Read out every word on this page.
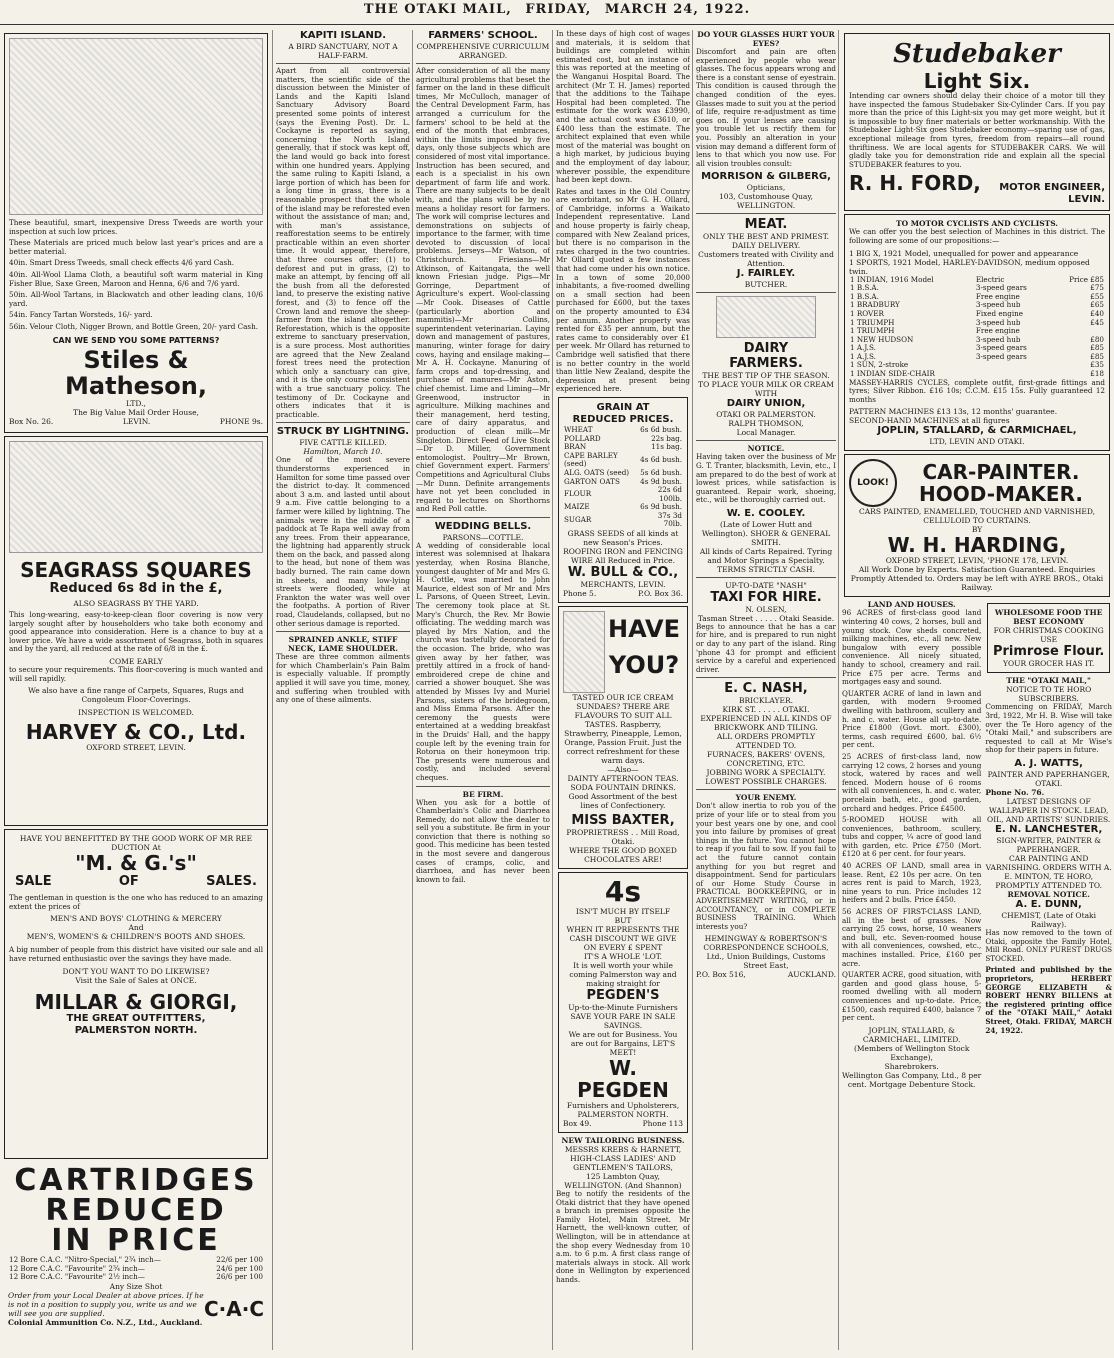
THE OTAKI MAIL, FRIDAY, MARCH 24, 1922.
These beautiful, smart, inexpensive Dress Tweeds are worth your inspection at such low prices.
These Materials are priced much below last year's prices and are a better material.
40in. Smart Dress Tweeds, small check effects 4/6 yard Cash.
40in. All-Wool Llama Cloth, a beautiful soft warm material in King Fisher Blue, Saxe Green, Maroon and Henna, 6/6 and 7/6 yard.
50in. All-Wool Tartans, in Blackwatch and other leading clans, 10/6 yard.
54in. Fancy Tartan Worsteds, 16/- yard.
56in. Velour Cloth, Nigger Brown, and Bottle Green, 20/- yard Cash.
CAN WE SEND YOU SOME PATTERNS?
Stiles & Matheson,
LTD.,
The Big Value Mail Order House,
Box No. 26.	LEVIN.	PHONE 9s.
SEAGRASS SQUARES
Reduced 6s 8d in the £,
ALSO SEAGRASS BY THE YARD.
This long-wearing, easy-to-keep-clean floor covering is now very largely sought after by householders who take both economy and good appearance into consideration. Here is a chance to buy at a lower price. We have a wide assortment of Seagrass, both in squares and by the yard, all reduced at the rate of 6/8 in the £.
COME EARLY
to secure your requirements. This floor-covering is much wanted and will sell rapidly.
We also have a fine range of Carpets, Squares, Rugs and Congoleum Floor-Coverings.
INSPECTION IS WELCOMED.
HARVEY & CO., Ltd.
OXFORD STREET, LEVIN.
HAVE YOU BENEFITTED BY THE GOOD WORK OF MR REE DUCTION At
"M. & G.'s"
SALE	OF	SALES.
The gentleman in question is the one who has reduced to an amazing extent the prices of
MEN'S AND BOYS' CLOTHING & MERCERY
And
MEN'S, WOMEN'S & CHILDREN'S BOOTS AND SHOES.
A big number of people from this district have visited our sale and all have returned enthusiastic over the savings they have made.
DON'T YOU WANT TO DO LIKEWISE?
Visit the Sale of Sales at ONCE.
MILLAR & GIORGI,
THE GREAT OUTFITTERS,
PALMERSTON NORTH.
CARTRIDGES
REDUCED
IN PRICE
12 Bore C.A.C. "Nitro-Special," 2¾ inch—	22/6 per 100
12 Bore C.A.C. "Favourite" 2¾ inch—	24/6 per 100
12 Bore C.A.C. "Favourite" 2½ inch—	26/6 per 100
Any Size Shot
Order from your Local Dealer at above prices. If he is not in a position to supply you, write us and we will see you are supplied.
Colonial Ammunition Co. N.Z., Ltd., Auckland.
C·A·C
KAPITI ISLAND.
A BIRD SANCTUARY, NOT A HALF-FARM.
Apart from all controversial matters, the scientific side of the discussion between the Minister of Lands and the Kapiti Island Sanctuary Advisory Board presented some points of interest (says the Evening Post). Dr. L. Cockayne is reported as saying, concerning the North Island generally, that if stock was kept off, the land would go back into forest within one hundred years. Applying the same ruling to Kapiti Island, a large portion of which has been for a long time in grass, there is a reasonable prospect that the whole of the island may be reforested even without the assistance of man; and, with man's assistance, reafforestation seems to be entirely practicable within an even shorter time. It would appear, therefore, that three courses offer: (1) to deforest and put in grass, (2) to make an attempt, by fencing off all the bush from all the deforested land, to preserve the existing native forest, and (3) to fence off the Crown land and remove the sheep-farmer from the island altogether. Reforestation, which is the opposite extreme to sanctuary preservation, is a sure process. Most authorities are agreed that the New Zealand forest trees need the protection which only a sanctuary can give, and it is the only course consistent with a true sanctuary policy. The testimony of Dr. Cockayne and others indicates that it is practicable.
STRUCK BY LIGHTNING.
FIVE CATTLE KILLED.
Hamilton, March 10.
One of the most severe thunderstorms experienced in Hamilton for some time passed over the district to-day. It commenced about 3 a.m. and lasted until about 9 a.m. Five cattle belonging to a farmer were killed by lightning. The animals were in the middle of a paddock at Te Rapa well away from any trees. From their appearance, the lightning had apparently struck them on the back, and passed along to the head, but none of them was badly burned. The rain came down in sheets, and many low-lying streets were flooded, while at Frankton the water was well over the footpaths. A portion of River road, Claudelands, collapsed, but no other serious damage is reported.
SPRAINED ANKLE, STIFF NECK, LAME SHOULDER.
These are three common ailments for which Chamberlain's Pain Balm is especially valuable. If promptly applied it will save you time, money, and suffering when troubled with any one of these ailments.
FARMERS' SCHOOL.
COMPREHENSIVE CURRICULUM ARRANGED.
After consideration of all the many agricultural problems that beset the farmer on the land in these difficult times, Mr McCulloch, manager of the Central Development Farm, has arranged a curriculum for the farmers' school to be held at the end of the month that embraces, within the limits imposed by five days, only those subjects which are considered of most vital importance. Instruction has been secured, and each is a specialist in his own department of farm life and work. There are many subjects to be dealt with, and the plans will be by no means a holiday resort for farmers. The work will comprise lectures and demonstrations on subjects of importance to the farmer, with time devoted to discussion of local problems. Jerseys—Mr Watson, of Christchurch. Friesians—Mr Atkinson, of Kaitangata, the well known Friesian judge. Pigs—Mr Gorringe, Department of Agriculture's expert. Wool-classing—Mr Cook. Diseases of Cattle (particularly abortion and mammitis)—Mr Collins, superintendent veterinarian. Laying down and management of pastures, manuring, winter forage for dairy cows, haying and ensilage making—Mr A. H. Cockayne. Manuring of farm crops and top-dressing, and purchase of manures—Mr Aston, chief chemist. Lime and Liming—Mr Greenwood, instructor in agriculture. Milking machines and their management, herd testing, care of dairy apparatus, and production of clean milk—Mr Singleton. Direct Feed of Live Stock—Dr D. Miller, Government entomologist. Poultry—Mr Brown, chief Government expert. Farmers' Competitions and Agricultural Clubs—Mr Dunn. Definite arrangements have not yet been concluded in regard to lectures on Shorthorns and Red Poll cattle.
WEDDING BELLS.
PARSONS—COTTLE.
A wedding of considerable local interest was solemnised at Ihakara yesterday, when Rosina Blanche, youngest daughter of Mr and Mrs G. H. Cottle, was married to John Maurice, eldest son of Mr and Mrs L. Parsons, of Queen Street, Levin. The ceremony took place at St. Mary's Church, the Rev. Mr Bowie officiating. The wedding march was played by Mrs Nation, and the church was tastefully decorated for the occasion. The bride, who was given away by her father, was prettily attired in a frock of hand-embroidered crepe de chine and carried a shower bouquet. She was attended by Misses Ivy and Muriel Parsons, sisters of the bridegroom, and Miss Emma Parsons. After the ceremony the guests were entertained at a wedding breakfast in the Druids' Hall, and the happy couple left by the evening train for Rotorua on their honeymoon trip. The presents were numerous and costly, and included several cheques.
BE FIRM.
When you ask for a bottle of Chamberlain's Colic and Diarrhoea Remedy, do not allow the dealer to sell you a substitute. Be firm in your conviction that there is nothing so good. This medicine has been tested in the most severe and dangerous cases of cramps, colic, and diarrhoea, and has never been known to fail.
In these days of high cost of wages and materials, it is seldom that buildings are completed within estimated cost, but an instance of this was reported at the meeting of the Wanganui Hospital Board. The architect (Mr T. H. James) reported that the additions to the Taihape Hospital had been completed. The estimate for the work was £3990, and the actual cost was £3610, or £400 less than the estimate. The architect explained that even while most of the material was bought on a high market, by judicious buying and the employment of day labour, wherever possible, the expenditure had been kept down.
Rates and taxes in the Old Country are exorbitant, so Mr G. H. Ollard, of Cambridge, informs a Waikato Independent representative. Land and house property is fairly cheap, compared with New Zealand prices, but there is no comparison in the rates charged in the two countries. Mr Ollard quoted a few instances that had come under his own notice. In a town of some 20,000 inhabitants, a five-roomed dwelling on a small section had been purchased for £600, but the taxes on the property amounted to £34 per annum. Another property was rented for £35 per annum, but the rates came to considerably over £1 per week. Mr Ollard has returned to Cambridge well satisfied that there is no better country in the world than little New Zealand, despite the depression at present being experienced here.
GRAIN AT
REDUCED PRICES.
WHEAT	6s 6d bush.
POLLARD	22s bag.
BRAN	11s bag.
CAPE BARLEY (seed)	4s 6d bush.
ALG. OATS (seed)	5s 6d bush.
GARTON OATS	4s 9d bush.
FLOUR	22s 6d 100lb.
MAIZE	6s 9d bush.
SUGAR	37s 3d 70lb.
GRASS SEEDS of all kinds at new Season's Prices.
ROOFING IRON and FENCING WIRE All Reduced in Price.
W. BULL & CO.,
MERCHANTS, LEVIN.
Phone 5.	P.O. Box 36.
HAVE
YOU?
TASTED OUR ICE CREAM SUNDAES? THERE ARE FLAVOURS TO SUIT ALL TASTES. Raspberry, Strawberry, Pineapple, Lemon, Orange, Passion Fruit. Just the correct refreshment for these warm days.
—Also—
DAINTY AFTERNOON TEAS. SODA FOUNTAIN DRINKS. Good Assortment of the best lines of Confectionery.
MISS BAXTER,
PROPRIETRESS . . Mill Road, Otaki.
WHERE THE GOOD BOXED CHOCOLATES ARE!
4s
ISN'T MUCH BY ITSELF
BUT
WHEN IT REPRESENTS THE CASH DISCOUNT WE GIVE ON EVERY £ SPENT
IT'S A WHOLE 'LOT.
It is well worth your while coming Palmerston way and making straight for
PEGDEN'S
Up-to-the-Minute Furnishers
SAVE YOUR FARE IN SALE SAVINGS.
We are out for Business. You are out for Bargains, LET'S MEET!
W. PEGDEN
Furnishers and Upholsterers, PALMERSTON NORTH.
Box 49.	Phone 113
NEW TAILORING BUSINESS.
MESSRS KREBS & HARNETT,
HIGH-CLASS LADIES' AND GENTLEMEN'S TAILORS,
125 Lambton Quay, WELLINGTON. (And Shannon)
Beg to notify the residents of the Otaki district that they have opened a branch in premises opposite the Family Hotel, Main Street. Mr Harnett, the well-known cutter, of Wellington, will be in attendance at the shop every Wednesday from 10 a.m. to 6 p.m. A first class range of materials always in stock. All work done in Wellington by experienced hands.
DO YOUR GLASSES HURT YOUR EYES?
Discomfort and pain are often experienced by people who wear glasses. The focus appears wrong and there is a constant sense of eyestrain. This condition is caused through the changed condition of the eyes. Glasses made to suit you at the period of life, require re-adjustment as time goes on. If your lenses are causing you trouble let us rectify them for you. Possibly an alteration in your vision may demand a different form of lens to that which you now use. For all vision troubles consult:
MORRISON & GILBERG,
Opticians,
103, Customhouse Quay, WELLINGTON.
MEAT.
ONLY THE BEST AND PRIMEST.
DAILY DELIVERY.
Customers treated with Civility and Attention.
J. FAIRLEY.
BUTCHER.
DAIRY
FARMERS.
THE BEST TIP OF THE SEASON.
TO PLACE YOUR MILK OR CREAM WITH
DAIRY UNION,
OTAKI OR PALMERSTON.
RALPH THOMSON,
Local Manager.
NOTICE.
Having taken over the business of Mr G. T. Tranter, blacksmith, Levin, etc., I am prepared to do the best of work at lowest prices, while satisfaction is guaranteed. Repair work, shoeing, etc., will be thoroughly carried out.
W. E. COOLEY.
(Late of Lower Hutt and Wellington). SHOER & GENERAL SMITH.
All kinds of Carts Repaired. Tyring and Motor Springs a Specialty.
TERMS STRICTLY CASH.
UP-TO-DATE "NASH"
TAXI FOR HIRE.
N. OLSEN,
Tasman Street . . . . . Otaki Seaside.
Begs to announce that he has a car for hire, and is prepared to run night or day to any part of the island. Ring 'phone 43 for prompt and efficient service by a careful and experienced driver.
E. C. NASH,
BRICKLAYER.
KIRK ST. . . . . . OTAKI.
EXPERIENCED IN ALL KINDS OF BRICKWORK AND TILING.
ALL ORDERS PROMPTLY ATTENDED TO.
FURNACES, BAKERS' OVENS, CONCRETING, ETC.
JOBBING WORK A SPECIALTY.
LOWEST POSSIBLE CHARGES.
YOUR ENEMY.
Don't allow inertia to rob you of the prize of your life or to steal from you your best years one by one, and cool you into failure by promises of great things in the future. You cannot hope to reap if you fail to sow. If you fail to act the future cannot contain anything for you but regret and disappointment. Send for particulars of our Home Study Course in PRACTICAL BOOKKEEPING, or in ADVERTISEMENT WRITING, or in ACCOUNTANCY, or in COMPLETE BUSINESS TRAINING. Which interests you?
HEMINGWAY & ROBERTSON'S CORRESPONDENCE SCHOOLS, Ltd., Union Buildings, Customs Street East,
P.O. Box 516,	AUCKLAND.
Studebaker
Light Six.
Intending car owners should delay their choice of a motor till they have inspected the famous Studebaker Six-Cylinder Cars. If you pay more than the price of this Light-six you may get more weight, but it is impossible to buy finer materials or better workmanship. With the Studebaker Light-Six goes Studebaker economy—sparing use of gas, exceptional mileage from tyres, freedom from repairs—all round thriftiness. We are local agents for STUDEBAKER CARS. We will gladly take you for demonstration ride and explain all the special STUDEBAKER features to you.
R. H. FORD, MOTOR ENGINEER,
LEVIN.
TO MOTOR CYCLISTS AND CYCLISTS.
We can offer you the best selection of Machines in this district. The following are some of our propositions:—
1 BIG X, 1921 Model, unequalled for power and appearance
1 SPORTS, 1921 Model, HARLEY-DAVIDSON, medium opposed twin.
1 INDIAN, 1916 Model	Electric	Price £85
1 B.S.A.	3-speed gears	£75
1 B.S.A.	Free engine	£55
1 BRADBURY	3-speed hub	£65
1 ROVER	Fixed engine	£40
1 TRIUMPH	3-speed hub	£45
1 TRIUMPH	Free engine	
1 NEW HUDSON	3-speed hub	£80
1 A.J.S.	3-speed gears	£85
1 A.J.S.	3-speed gears	£85
1 SUN, 2-stroke		£35
1 INDIAN SIDE-CHAIR		£18
MASSEY-HARRIS CYCLES, complete outfit, first-grade fittings and tyres; Silver Ribbon. £16 10s; C.C.M. £15 15s. Fully guaranteed 12 months
PATTERN MACHINES £13 13s, 12 months' guarantee.
SECOND-HAND MACHINES at all figures
JOPLIN, STALLARD, & CARMICHAEL,
LTD, LEVIN AND OTAKI.
LOOK!	CAR-PAINTER.
HOOD-MAKER.
CARS PAINTED, ENAMELLED, TOUCHED AND VARNISHED, CELLULOID TO CURTAINS.
BY
W. H. HARDING,
OXFORD STREET, LEVIN, 'PHONE 178, LEVIN.
All Work Done by Experts. Satisfaction Guaranteed. Enquiries Promptly Attended to. Orders may be left with AYRE BROS., Otaki Railway.
LAND AND HOUSES.
96 ACRES of first-class good land wintering 40 cows, 2 horses, bull and young stock. Cow sheds concreted, milking machines, etc., all new. New bungalow with every possible convenience. All nicely situated, handy to school, creamery and rail. Price £75 per acre. Terms and mortgages easy and sound.
QUARTER ACRE of land in lawn and garden, with modern 9-roomed dwelling with bathroom, scullery and h. and c. water. House all up-to-date. Price £1800 (Govt. mort. £300), terms, cash required £600, bal. 6½ per cent.
25 ACRES of first-class land, now carrying 12 cows, 2 horses and young stock, watered by races and well fenced. Modern house of 6 rooms with all conveniences, h. and c. water, porcelain bath, etc., good garden, orchard and hedges. Price £4500.
5-ROOMED HOUSE with all conveniences, bathroom, scullery, tubs and copper, ¼ acre of good land with garden, etc. Price £750 (Mort. £120 at 6 per cent. for four years.
40 ACRES OF LAND, small area in lease. Rent, £2 10s per acre. On ten acres rent is paid to March, 1923, nine years to run. Price includes 12 heifers and 2 bulls. Price £450.
56 ACRES OF FIRST-CLASS LAND, all in the best of grasses. Now carrying 25 cows, horse, 10 weaners and bull, etc. Seven-roomed house with all conveniences, cowshed, etc., machines installed. Price, £160 per acre.
QUARTER ACRE, good situation, with garden and good glass house, 5-roomed dwelling with all modern conveniences and up-to-date. Price, £1500, cash required £400, balance 7 per cent.
JOPLIN, STALLARD, & CARMICHAEL, LIMITED.
(Members of Wellington Stock Exchange),
Sharebrokers.
Wellington Gas Company, Ltd., 8 per cent. Mortgage Debenture Stock.
WHOLESOME FOOD THE BEST ECONOMY
FOR CHRISTMAS COOKING USE
Primrose Flour.
YOUR GROCER HAS IT.
THE "OTAKI MAIL,"
NOTICE TO TE HORO SUBSCRIBERS.
Commencing on FRIDAY, March 3rd, 1922, Mr H. B. Wise will take over the Te Horo agency of the "Otaki Mail," and subscribers are requested to call at Mr Wise's shop for their papers in future.
A. J. WATTS,
PAINTER AND PAPERHANGER, OTAKI.
Phone No. 76.
LATEST DESIGNS OF WALLPAPER IN STOCK. LEAD, OIL, AND ARTISTS' SUNDRIES.
E. N. LANCHESTER,
SIGN-WRITER, PAINTER & PAPERHANGER.
CAR PAINTING AND VARNISHING. ORDERS WITH A. E. MINTON, TE HORO, PROMPTLY ATTENDED TO.
REMOVAL NOTICE.
A. E. DUNN,
CHEMIST, (Late of Otaki Railway).
Has now removed to the town of Otaki, opposite the Family Hotel, Mill Road. ONLY PUREST DRUGS STOCKED.
Printed and published by the proprietors, HERBERT GEORGE ELIZABETH & ROBERT HENRY BILLENS at the registered printing office of the "OTAKI MAIL," Aotaki Street, Otaki. FRIDAY, MARCH 24, 1922.
